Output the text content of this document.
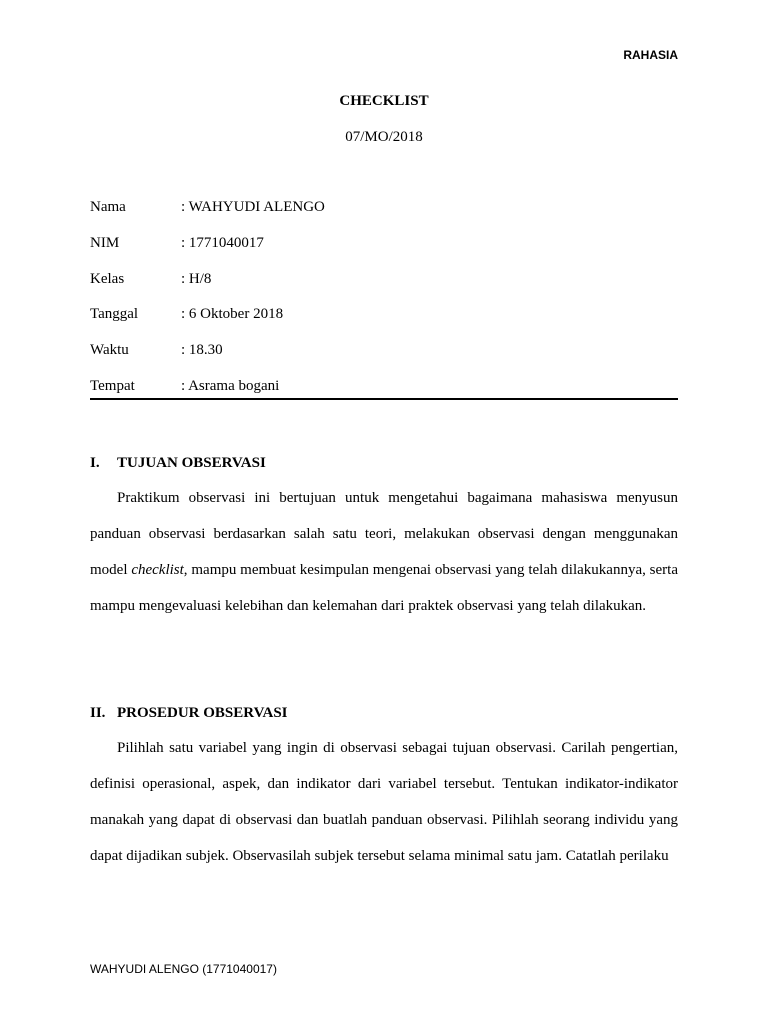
RAHASIA
CHECKLIST
07/MO/2018
Nama	: WAHYUDI ALENGO
NIM	: 1771040017
Kelas	: H/8
Tanggal	: 6 Oktober 2018
Waktu	: 18.30
Tempat	: Asrama bogani
I. TUJUAN OBSERVASI

Praktikum observasi ini bertujuan untuk mengetahui bagaimana mahasiswa menyusun panduan observasi berdasarkan salah satu teori, melakukan observasi dengan menggunakan model checklist, mampu membuat kesimpulan mengenai observasi yang telah dilakukannya, serta mampu mengevaluasi kelebihan dan kelemahan dari praktek observasi yang telah dilakukan.

II. PROSEDUR OBSERVASI

Pilihlah satu variabel yang ingin di observasi sebagai tujuan observasi. Carilah pengertian, definisi operasional, aspek, dan indikator dari variabel tersebut. Tentukan indikator-indikator manakah yang dapat di observasi dan buatlah panduan observasi. Pilihlah seorang individu yang dapat dijadikan subjek. Observasilah subjek tersebut selama minimal satu jam. Catatlah perilaku

WAHYUDI ALENGO (1771040017)
